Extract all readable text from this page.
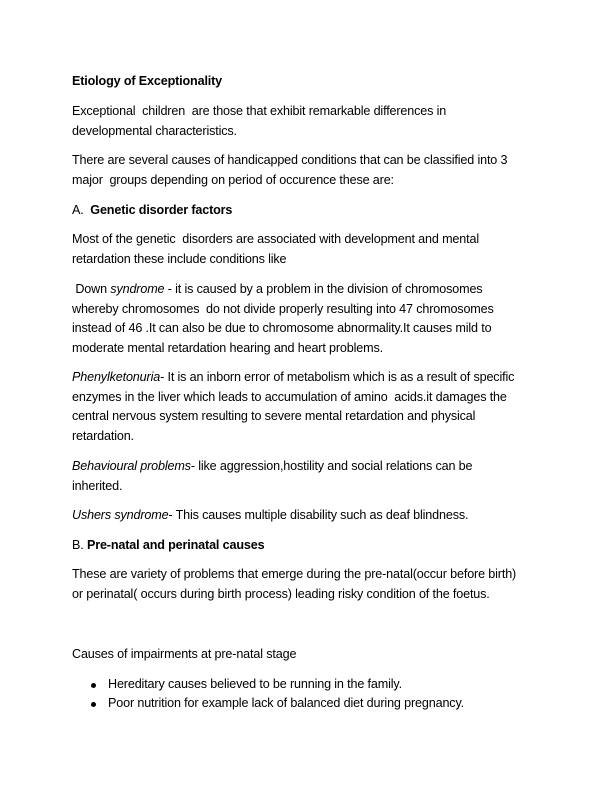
Etiology of Exceptionality
Exceptional  children  are those that exhibit remarkable differences in
developmental characteristics.
There are several causes of handicapped conditions that can be classified into 3
major  groups depending on period of occurence these are:
A.  Genetic disorder factors
Most of the genetic  disorders are associated with development and mental
retardation these include conditions like
Down syndrome - it is caused by a problem in the division of chromosomes
whereby chromosomes  do not divide properly resulting into 47 chromosomes
instead of 46 .It can also be due to chromosome abnormality.It causes mild to
moderate mental retardation hearing and heart problems.
Phenylketonuria- It is an inborn error of metabolism which is as a result of specific
enzymes in the liver which leads to accumulation of amino  acids.it damages the
central nervous system resulting to severe mental retardation and physical
retardation.
Behavioural problems- like aggression,hostility and social relations can be
inherited.
Ushers syndrome- This causes multiple disability such as deaf blindness.
B. Pre-natal and perinatal causes
These are variety of problems that emerge during the pre-natal(occur before birth)
or perinatal( occurs during birth process) leading risky condition of the foetus.
Causes of impairments at pre-natal stage
Hereditary causes believed to be running in the family.
Poor nutrition for example lack of balanced diet during pregnancy.
